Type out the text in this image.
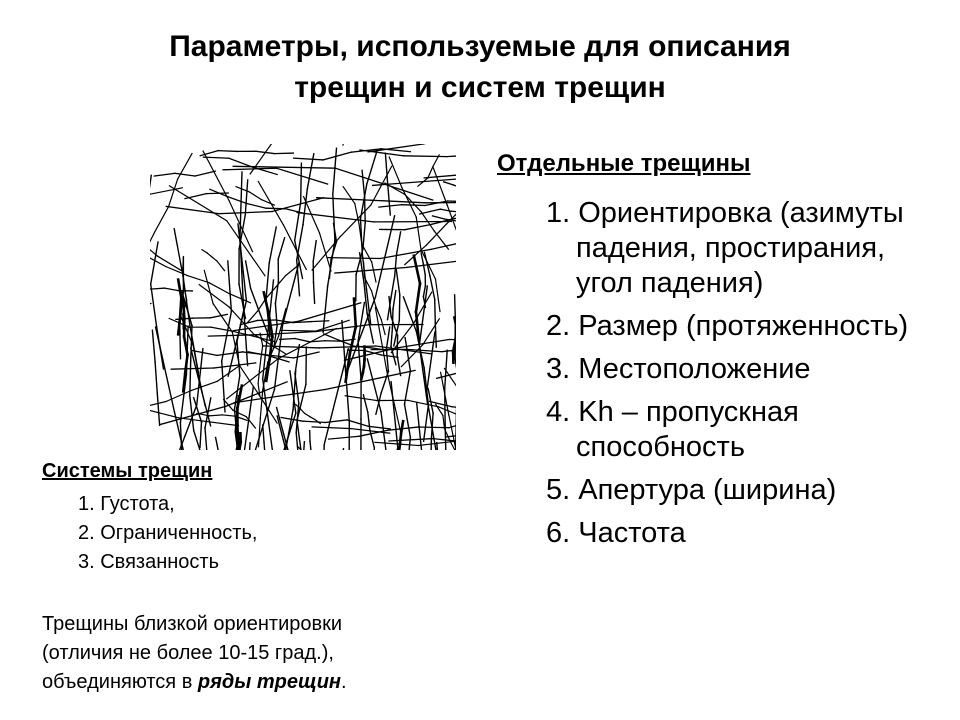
Параметры, используемые для описания
трещин и систем трещин
Отдельные трещины
1. Ориентировка (азимуты падения, простирания, угол падения)
2. Размер (протяженность)
3. Местоположение
4. Kh – пропускная способность
5. Апертура (ширина)
6. Частота
Системы трещин
1. Густота,
2. Ограниченность,
3. Связанность
Трещины близкой ориентировки
(отличия не более 10-15 град.),
объединяются в ряды трещин.
